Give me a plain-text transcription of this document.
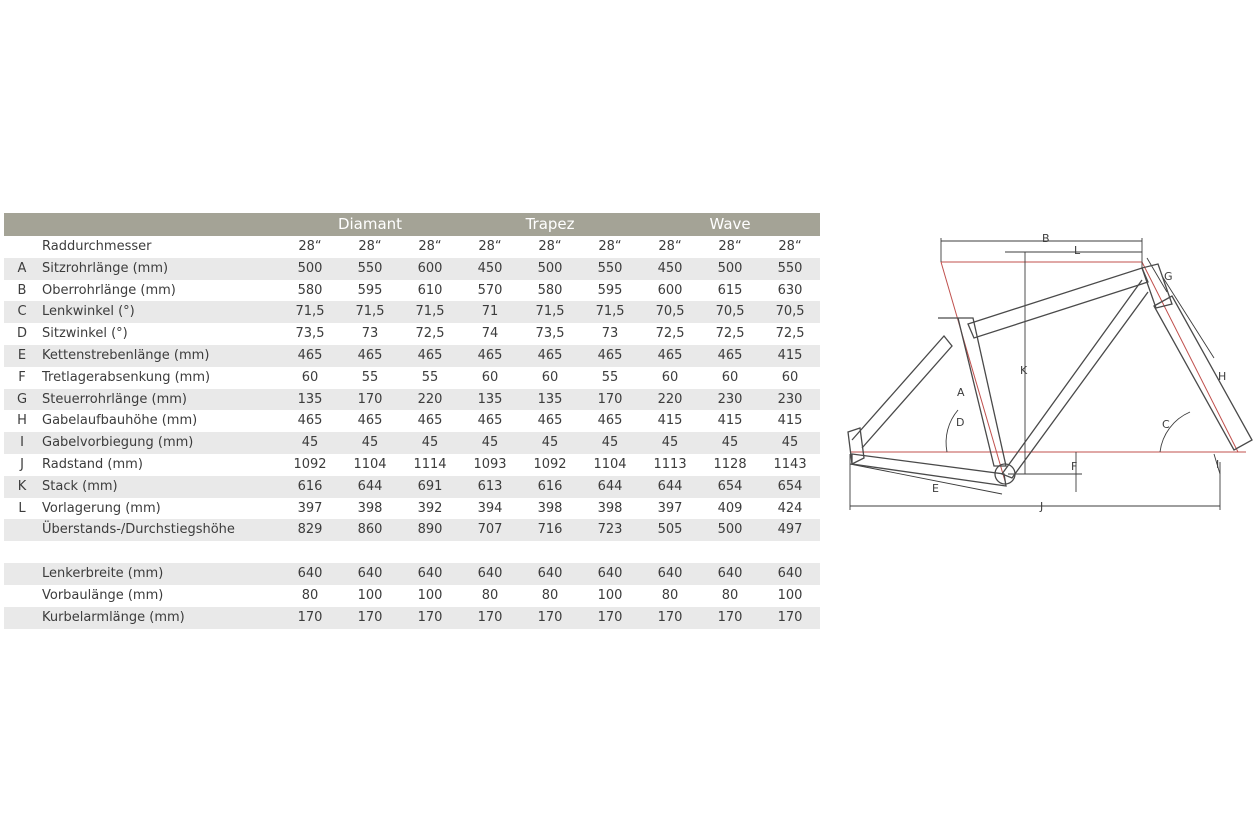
		Diamant			Trapez			Wave		
	Raddurchmesser	28“	28“	28“	28“	28“	28“	28“	28“	28“
A	Sitzrohrlänge (mm)	500	550	600	450	500	550	450	500	550
B	Oberrohrlänge (mm)	580	595	610	570	580	595	600	615	630
C	Lenkwinkel (°)	71,5	71,5	71,5	71	71,5	71,5	70,5	70,5	70,5
D	Sitzwinkel (°)	73,5	73	72,5	74	73,5	73	72,5	72,5	72,5
E	Kettenstrebenlänge (mm)	465	465	465	465	465	465	465	465	415
F	Tretlagerabsenkung (mm)	60	55	55	60	60	55	60	60	60
G	Steuerrohrlänge (mm)	135	170	220	135	135	170	220	230	230
H	Gabelaufbauhöhe (mm)	465	465	465	465	465	465	415	415	415
I	Gabelvorbiegung (mm)	45	45	45	45	45	45	45	45	45
J	Radstand (mm)	1092	1104	1114	1093	1092	1104	1113	1128	1143
K	Stack (mm)	616	644	691	613	616	644	644	654	654
L	Vorlagerung (mm)	397	398	392	394	398	398	397	409	424
	Überstands-/Durchstiegshöhe	829	860	890	707	716	723	505	500	497

	Lenkerbreite (mm)	640	640	640	640	640	640	640	640	640
	Vorbaulänge (mm)	80	100	100	80	80	100	80	80	100
	Kurbelarmlänge (mm)	170	170	170	170	170	170	170	170	170
B
L
K
A
D
G
H
C
I
F
E
J
